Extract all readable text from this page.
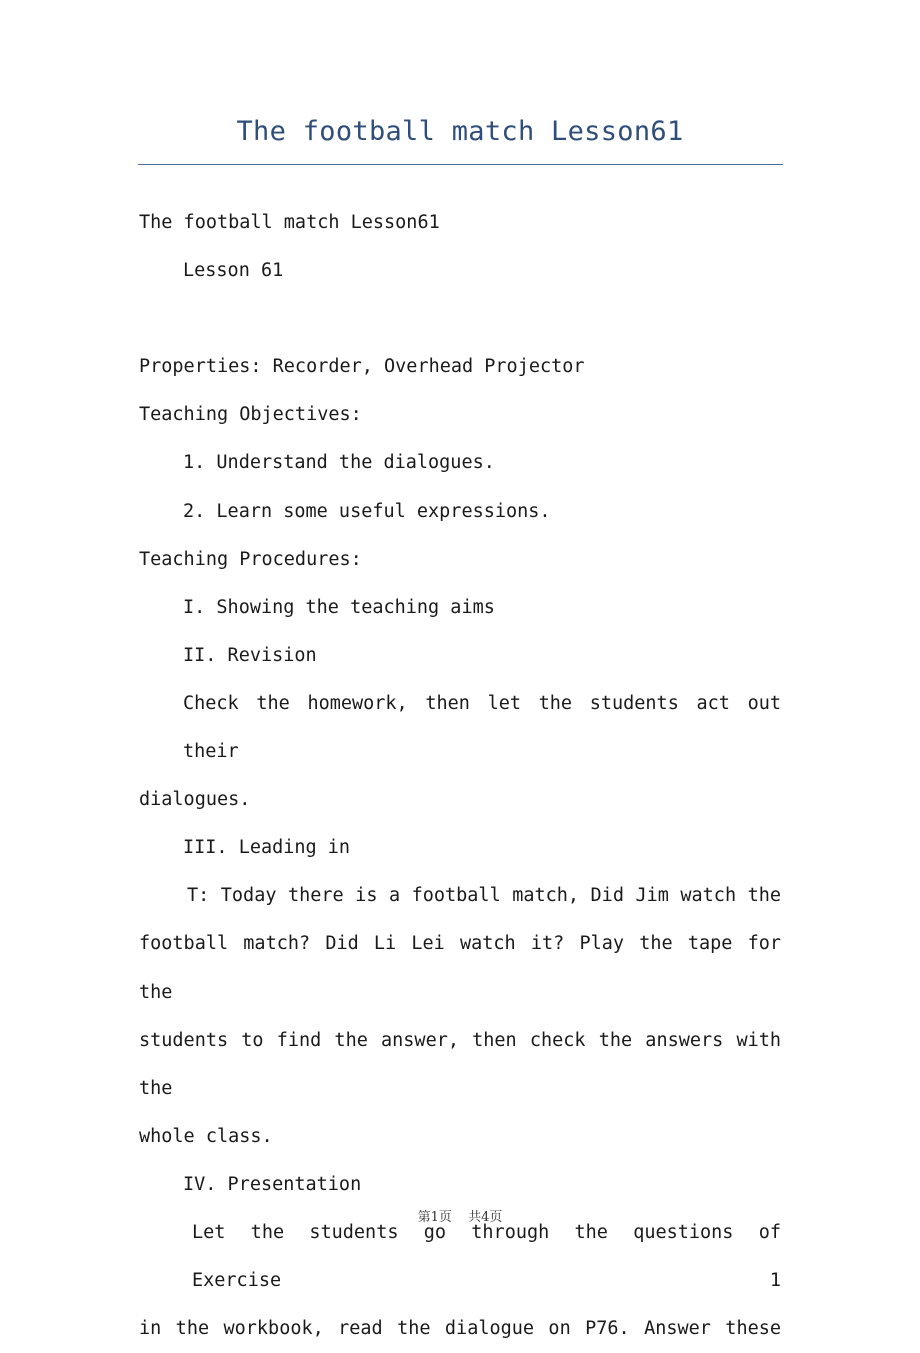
The football match Lesson61

The football match Lesson61

Lesson 61

Properties: Recorder, Overhead Projector

Teaching Objectives:

1. Understand the dialogues.

2. Learn some useful expressions.

Teaching Procedures:

I. Showing the teaching aims

II. Revision

Check the homework, then let the students act out their

dialogues.

III. Leading in

T: Today there is a football match, Did Jim watch the

football match? Did Li Lei watch it? Play the tape for the

students to find the answer, then check the answers with the

whole class.

IV. Presentation

Let the students go through the questions of Exercise 1

in the workbook, read the dialogue on P76. Answer these

第1页 共4页
